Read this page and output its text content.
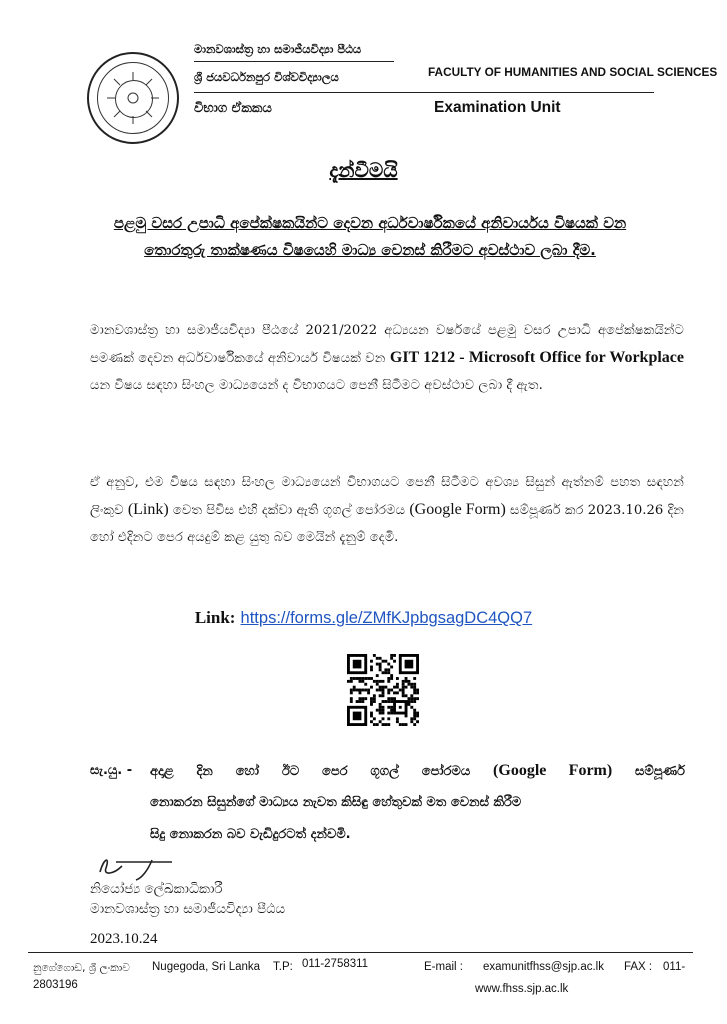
මානවශාස්ත්‍ර හා සමාජීයවිද්‍යා පීඨය
ශ්‍රී ජයවර්ධනපුර විශ්වවිද්‍යාලය	FACULTY OF HUMANITIES AND SOCIAL SCIENCES
විභාග ඒකකය	Examination Unit
දැන්වීමයි
පළමු වසර උපාධි අපේක්ෂකයින්ට දෙවන අර්ධවාර්ෂිකයේ අනිවාර්යය විෂයක් වන තොරතුරු තාක්ෂණය විෂයෙහි මාධ්‍ය වෙනස් කිරීමට අවස්ථාව ලබා දීම.
මානවශාස්ත්‍ර හා සමාජීයවිද්‍යා පීඨයේ 2021/2022 අධ්‍යයන වර්ෂයේ පළමු වසර උපාධි අපේක්ෂකයින්ට පමණක් දෙවන අර්ධවාර්ෂිකයේ අනිවාර්ය විෂයක් වන GIT 1212 - Microsoft Office for Workplace යන විෂය සඳහා සිංහල මාධ්‍යයෙන් ද විභාගයට පෙනී සිටීමට අවස්ථාව ලබා දී ඇත.
ඒ අනුව, එම විෂය සඳහා සිංහල මාධ්‍යයෙන් විභාගයට පෙනී සිටීමට අවශ්‍ය සිසුන් ඇත්නම් පහත සඳහන් ලිංකුව (Link) වෙත පිවිස එහි දක්වා ඇති ගූගල් පෝරමය (Google Form) සම්පූර්ණ කර 2023.10.26 දින හෝ එදිනට පෙර අයදුම් කළ යුතු බව මෙයින් දැනුම් දෙමි.
Link: https://forms.gle/ZMfKJpbgsagDC4QQ7
සැ.යු. - අදාළ දින හෝ ඊට පෙර ගූගල් පෝරමය (Google Form) සම්පූර්ණ
නොකරන සිසුන්ගේ මාධ්‍යය නැවත කිසිඳු හේතුවක් මත වෙනස් කිරීම
සිදු නොකරන බව වැඩිදුරටත් දන්වමි.
නියෝජ්‍ය ලේඛකාධිකාරී
මානවශාස්ත්‍ර හා සමාජීයවිද්‍යා පීඨය
2023.10.24
නුගේගොඩ, ශ්‍රී ලංකාව Nugegoda, Sri Lanka T.P: 011-2758311	E-mail : examunitfhss@sjp.ac.lk FAX : 011-
2803196	www.fhss.sjp.ac.lk
